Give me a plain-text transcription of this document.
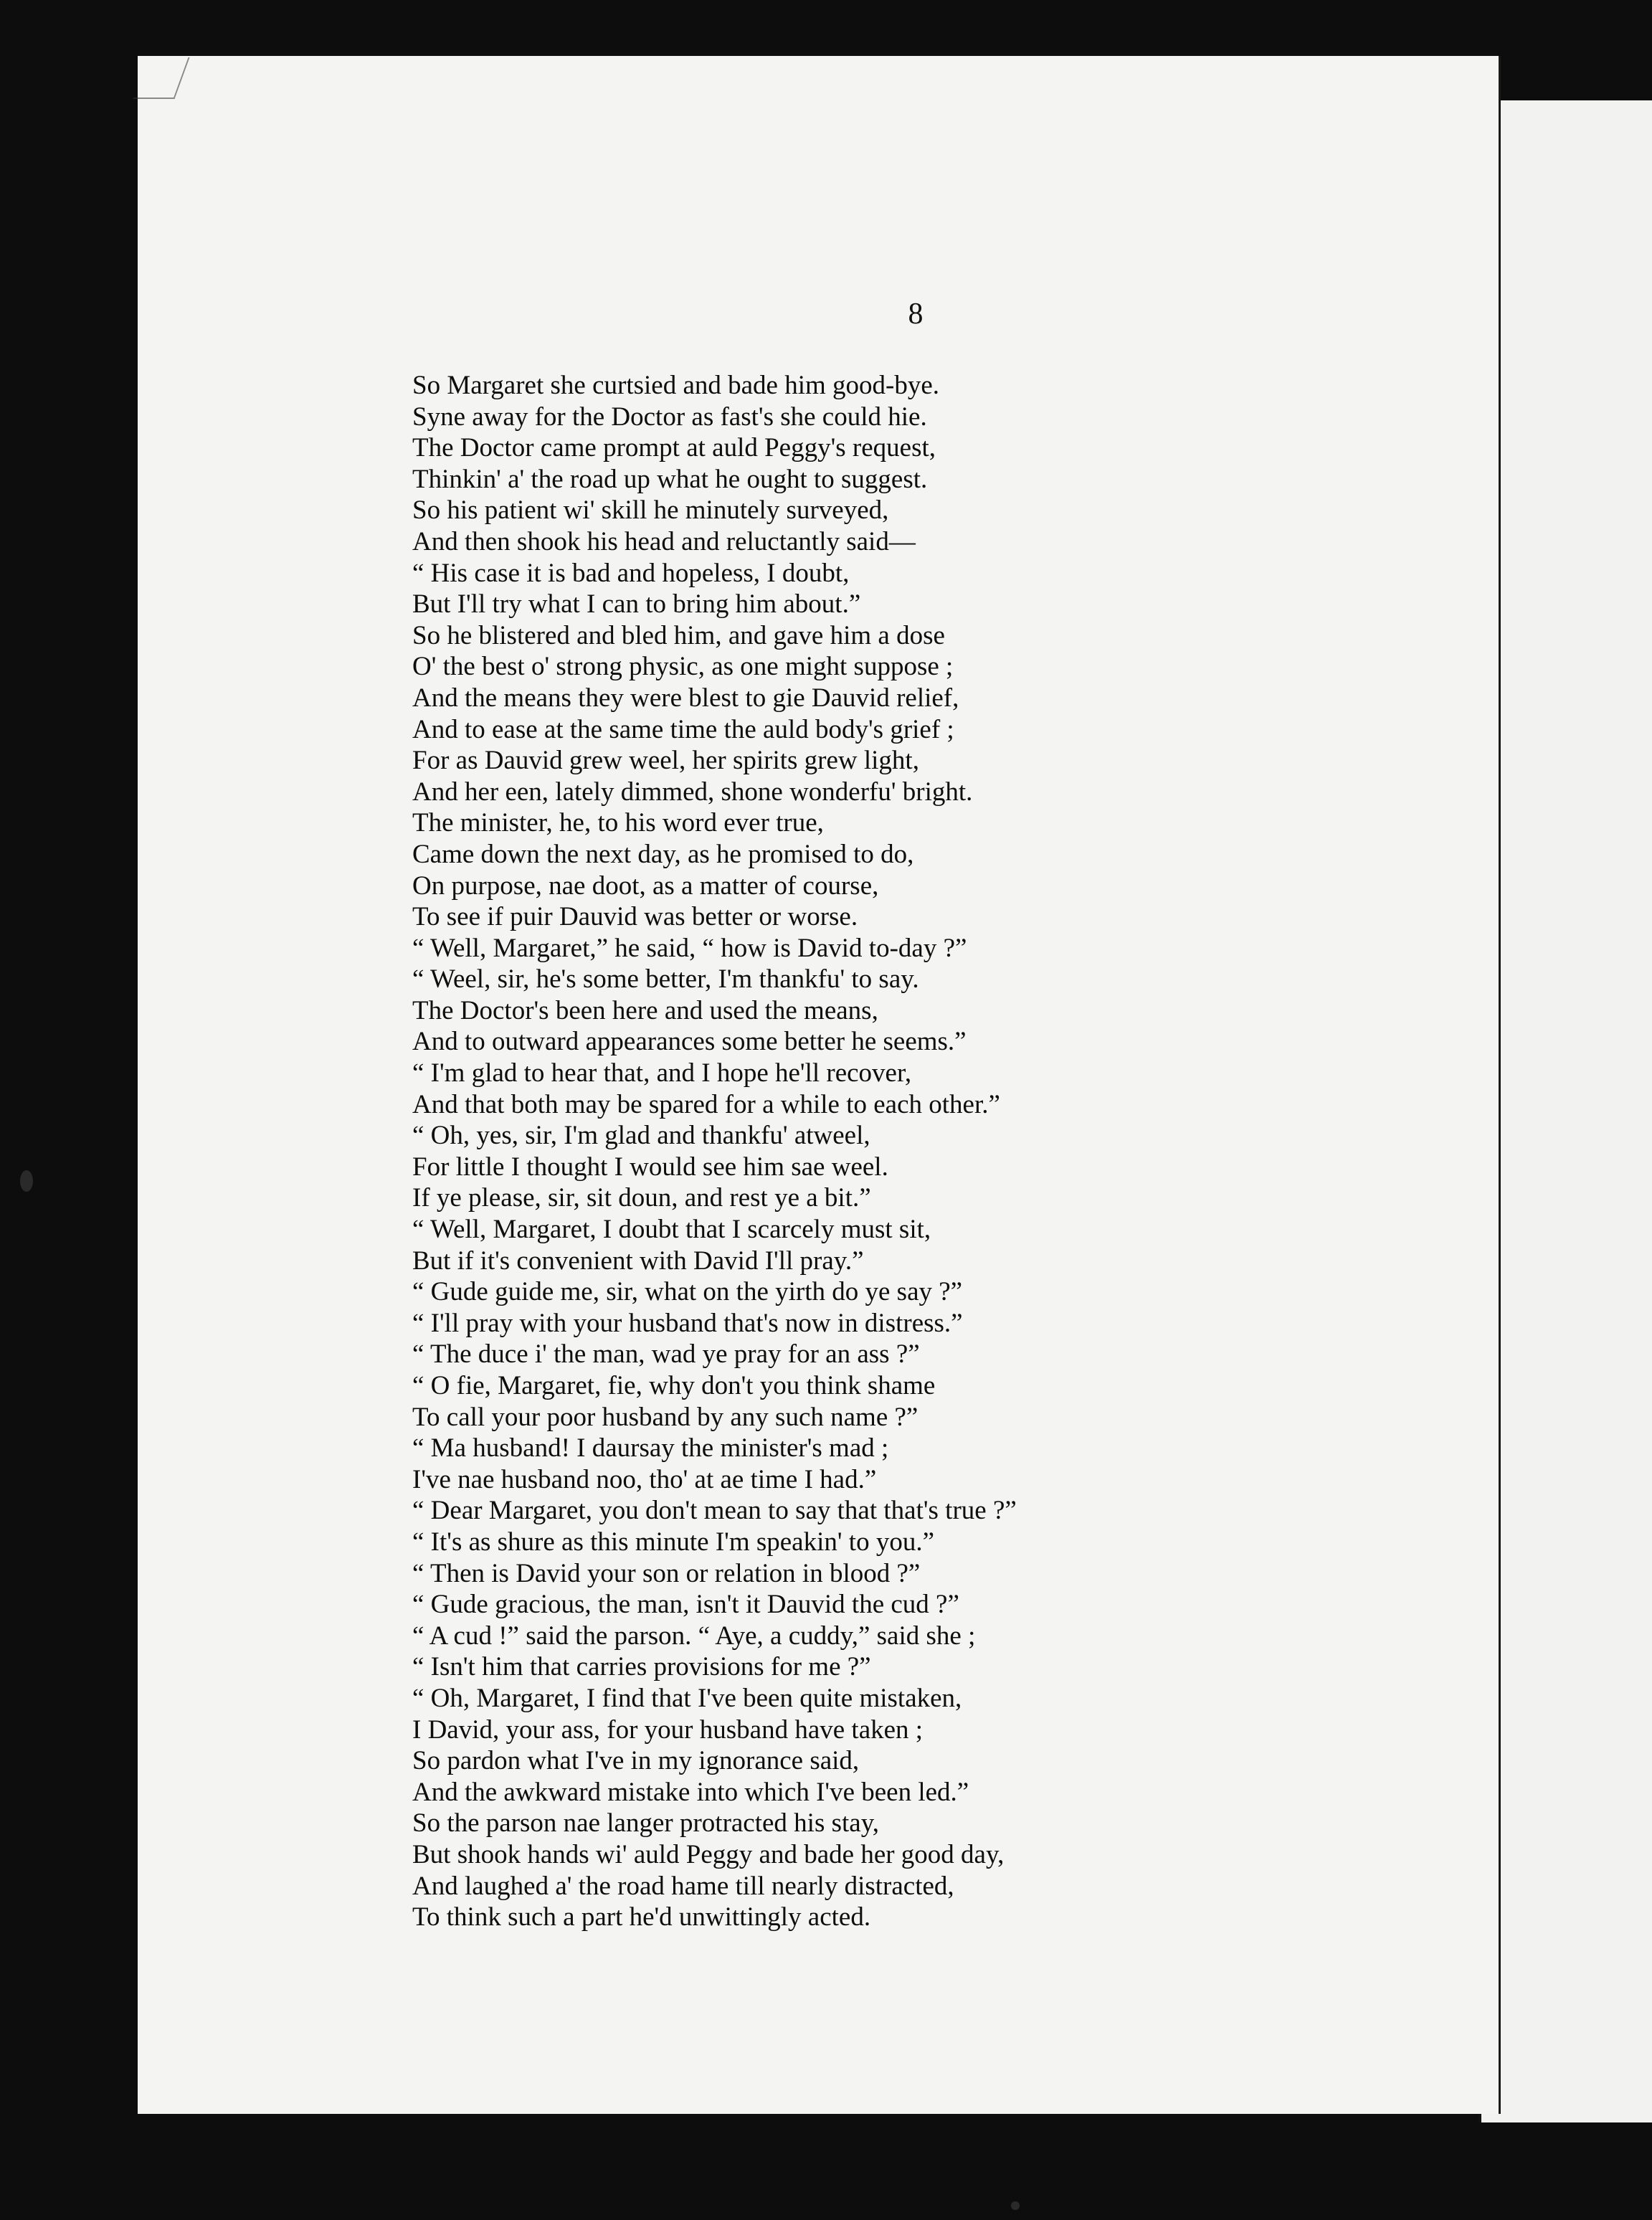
8
So Margaret she curtsied and bade him good-bye.
Syne away for the Doctor as fast's she could hie.
The Doctor came prompt at auld Peggy's request,
Thinkin' a' the road up what he ought to suggest.
So his patient wi' skill he minutely surveyed,
And then shook his head and reluctantly said—
“ His case it is bad and hopeless, I doubt,
But I'll try what I can to bring him about.”
So he blistered and bled him, and gave him a dose
O' the best o' strong physic, as one might suppose ;
And the means they were blest to gie Dauvid relief,
And to ease at the same time the auld body's grief ;
For as Dauvid grew weel, her spirits grew light,
And her een, lately dimmed, shone wonderfu' bright.
The minister, he, to his word ever true,
Came down the next day, as he promised to do,
On purpose, nae doot, as a matter of course,
To see if puir Dauvid was better or worse.
“ Well, Margaret,” he said, “ how is David to-day ?”
“ Weel, sir, he's some better, I'm thankfu' to say.
The Doctor's been here and used the means,
And to outward appearances some better he seems.”
“ I'm glad to hear that, and I hope he'll recover,
And that both may be spared for a while to each other.”
“ Oh, yes, sir, I'm glad and thankfu' atweel,
For little I thought I would see him sae weel.
If ye please, sir, sit doun, and rest ye a bit.”
“ Well, Margaret, I doubt that I scarcely must sit,
But if it's convenient with David I'll pray.”
“ Gude guide me, sir, what on the yirth do ye say ?”
“ I'll pray with your husband that's now in distress.”
“ The duce i' the man, wad ye pray for an ass ?”
“ O fie, Margaret, fie, why don't you think shame
To call your poor husband by any such name ?”
“ Ma husband! I daursay the minister's mad ;
I've nae husband noo, tho' at ae time I had.”
“ Dear Margaret, you don't mean to say that that's true ?”
“ It's as shure as this minute I'm speakin' to you.”
“ Then is David your son or relation in blood ?”
“ Gude gracious, the man, isn't it Dauvid the cud ?”
“ A cud !” said the parson. “ Aye, a cuddy,” said she ;
“ Isn't him that carries provisions for me ?”
“ Oh, Margaret, I find that I've been quite mistaken,
I David, your ass, for your husband have taken ;
So pardon what I've in my ignorance said,
And the awkward mistake into which I've been led.”
So the parson nae langer protracted his stay,
But shook hands wi' auld Peggy and bade her good day,
And laughed a' the road hame till nearly distracted,
To think such a part he'd unwittingly acted.
